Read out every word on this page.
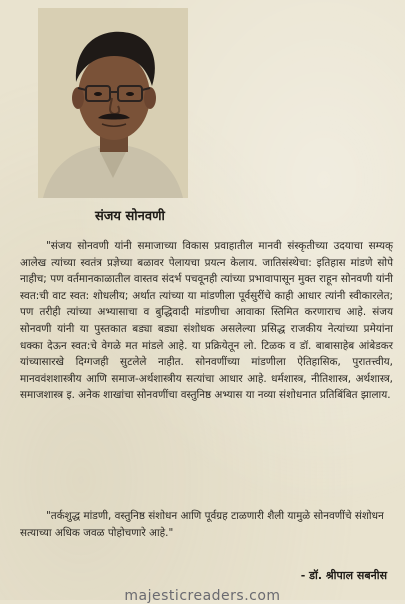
संजय सोनवणी

"संजय सोनवणी यांनी समाजाच्या विकास प्रवाहातील मानवी संस्कृतीच्या उदयाचा सम्यक् आलेख त्यांच्या स्वतंत्र प्रज्ञेच्या बळावर पेलायचा प्रयत्न केलाय. जातिसंस्थेचा: इतिहास मांडणे सोपे नाहीच; पण वर्तमानकाळातील वास्तव संदर्भ पचवूनही त्यांच्या प्रभावापासून मुक्त राहून सोनवणी यांनी स्वत:ची वाट स्वत: शोधलीय; अर्थात त्यांच्या या मांडणीला पूर्वसुरींचे काही आधार त्यांनी स्वीकारलेत; पण तरीही त्यांच्या अभ्यासाचा व बुद्धिवादी मांडणीचा आवाका स्तिमित करणाराच आहे. संजय सोनवणी यांनी या पुस्तकात बड्या बड्या संशोधक असलेल्या प्रसिद्ध राजकीय नेत्यांच्या प्रमेयांना धक्का देऊन स्वत:चे वेगळे मत मांडले आहे. या प्रक्रियेतून लो. टिळक व डॉ. बाबासाहेब आंबेडकर यांच्यासारखे दिग्गजही सुटलेले नाहीत. सोनवणींच्या मांडणीला ऐतिहासिक, पुरातत्त्वीय, मानववंशशास्त्रीय आणि समाज-अर्थशास्त्रीय सत्यांचा आधार आहे. धर्मशास्त्र, नीतिशास्त्र, अर्थशास्त्र, समाजशास्त्र इ. अनेक शाखांचा सोनवणींचा वस्तुनिष्ठ अभ्यास या नव्या संशोधनात प्रतिबिंबित झालाय.

"तर्कशुद्ध मांडणी, वस्तुनिष्ठ संशोधन आणि पूर्वग्रह टाळणारी शैली यामुळे सोनवणींचे संशोधन सत्याच्या अधिक जवळ पोहोचणारे आहे."

- डॉ. श्रीपाल सबनीस
majesticreaders.com
